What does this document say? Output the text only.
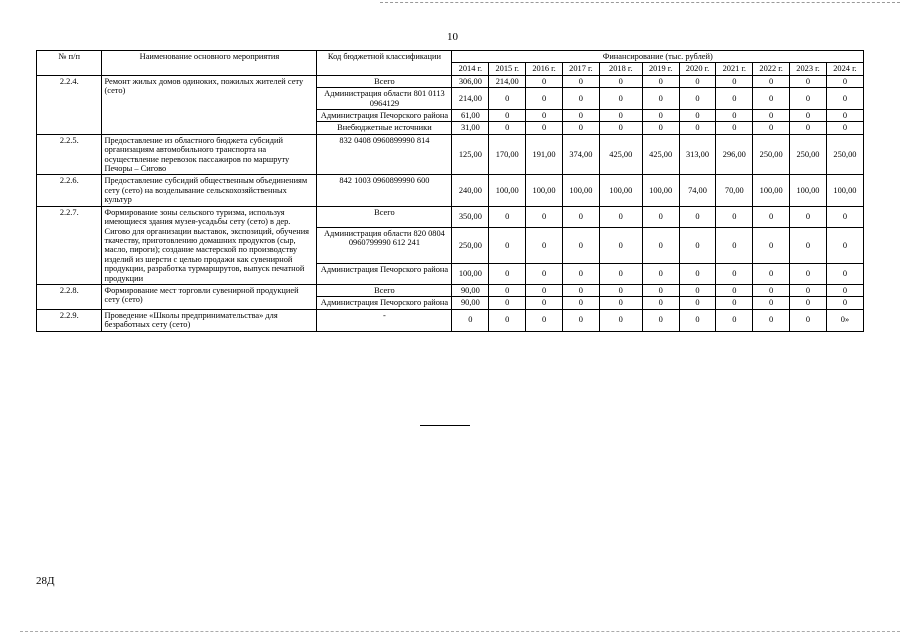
10
№ п/п	Наименование основного мероприятия	Код бюджетной классификации	Финансирование (тыс. рублей)										
			2014 г.	2015 г.	2016 г.	2017 г.	2018 г.	2019 г.	2020 г.	2021 г.	2022 г.	2023 г.	2024 г.
2.2.4.	Ремонт жилых домов одиноких, пожилых жителей сету (сето)	Всего	306,00	214,00	0	0	0	0	0	0	0	0	0
		Администрация области 801 0113 0964129	214,00	0	0	0	0	0	0	0	0	0	0
		Администрация Печорского района	61,00	0	0	0	0	0	0	0	0	0	0
		Внебюджетные источники	31,00	0	0	0	0	0	0	0	0	0	0
2.2.5.	Предоставление из областного бюджета субсидий организациям автомобильного транспорта на осуществление перевозок пассажиров по маршруту Печоры – Сигово	832 0408 0960899990 814	125,00	170,00	191,00	374,00	425,00	425,00	313,00	296,00	250,00	250,00	250,00
2.2.6.	Предоставление субсидий общественным объединениям сету (сето) на возделывание сельскохозяйственных культур	842 1003 0960899990 600	240,00	100,00	100,00	100,00	100,00	100,00	74,00	70,00	100,00	100,00	100,00
2.2.7.	Формирование зоны сельского туризма, используя имеющиеся здания музея-усадьбы сету (сето) в дер. Сигово для организации выставок, экспозиций, обучения ткачеству, приготовлению домашних продуктов (сыр, масло, пироги); создание мастерской по производству изделий из шерсти с целью продажи как сувенирной продукции, разработка турмаршрутов, выпуск печатной продукции	Всего	350,00	0	0	0	0	0	0	0	0	0	0
		Администрация области 820 0804 0960799990 612 241	250,00	0	0	0	0	0	0	0	0	0	0
		Администрация Печорского района	100,00	0	0	0	0	0	0	0	0	0	0
2.2.8.	Формирование мест торговли сувенирной продукцией сету (сето)	Всего	90,00	0	0	0	0	0	0	0	0	0	0
		Администрация Печорского района	90,00	0	0	0	0	0	0	0	0	0	0
2.2.9.	Проведение «Школы предпринимательства» для безработных сету (сето)	-	0	0	0	0	0	0	0	0	0	0	0»
28Д
